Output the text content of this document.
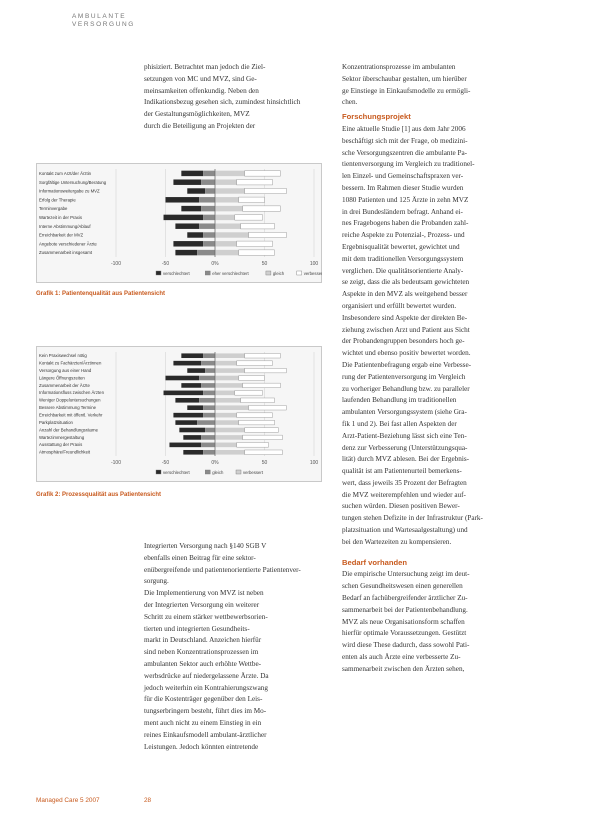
AMBULANTE
VERSORGUNG

phisiziert. Betrachtet man jedoch die Ziel-

setzungen von MC und MVZ, sind Ge-

meinsamkeiten offenkundig. Neben den

Indikationsbezug gesehen sich, zumindest hinsichtlich

der Gestaltungsmöglichkeiten, MVZ

durch die Beteiligung an Projekten der

-100	-50	0%	50	100
Kontakt zum Arzt/der Ärztin
Sorgfältige Untersuchung/Beratung
Informationsweitergabe zu MVZ
Erfolg der Therapie
Terminvergabe
Wartezeit in der Praxis
Interne Abstimmung/Ablauf
Erreichbarkeit der MVZ
Angebote verschiedener Ärzte
Zusammenarbeit insgesamt
verschlechtert	eher verschlechtert	gleich	verbessert
Grafik 1: Patientenqualität aus Patientensicht
-100	-50	0%	50	100
Kein Praxiswechsel nötig
Kontakt zu Fachärzten/Ärztinnen
Versorgung aus einer Hand
Längere Öffnungszeiten
Zusammenarbeit der Ärzte
Informationsfluss zwischen Ärzten
Weniger Doppeluntersuchungen
Bessere Abstimmung Termine
Erreichbarkeit mit öffentl. Verkehr
Parkplatzsituation
Anzahl der Behandlungsräume
Wartezimmergestaltung
Ausstattung der Praxis
Atmosphäre/Freundlichkeit
verschlechtert	gleich	verbessert
Grafik 2: Prozessqualität aus Patientensicht

Integrierten Versorgung nach §140 SGB V

ebenfalls einen Beitrag für eine sektor-

enübergreifende und patientenorientierte Patientenver-

sorgung.

Die Implementierung von MVZ ist neben

der Integrierten Versorgung ein weiterer

Schritt zu einem stärker wettbewerbsorien-

tierten und integrierten Gesundheits-

markt in Deutschland. Anzeichen hierfür

sind neben Konzentrationsprozessen im

ambulanten Sektor auch erhöhte Wettbe-

werbsdrücke auf niedergelassene Ärzte. Da

jedoch weiterhin ein Kontrahierungszwang

für die Kostenträger gegenüber den Leis-

tungserbringern besteht, führt dies im Mo-

ment auch nicht zu einem Einstieg in ein

reines Einkaufsmodell ambulant-ärztlicher

Leistungen. Jedoch könnten eintretende

Konzentrationsprozesse im ambulanten

Sektor überschaubar gestalten, um hierüber

ge Einstiege in Einkaufsmodelle zu ermögli-

chen.

Forschungsprojekt

Eine aktuelle Studie [1] aus dem Jahr 2006

beschäftigt sich mit der Frage, ob medizini-

sche Versorgungszentren die ambulante Pa-

tientenversorgung im Vergleich zu traditionel-

len Einzel- und Gemeinschaftspraxen ver-

bessern. Im Rahmen dieser Studie wurden

1080 Patienten und 125 Ärzte in zehn MVZ

in drei Bundesländern befragt. Anhand ei-

nes Fragebogens haben die Probanden zahl-

reiche Aspekte zu Potenzial-, Prozess- und

Ergebnisqualität bewertet, gewichtet und

mit dem traditionellen Versorgungssystem

verglichen. Die qualitätsorientierte Analy-

se zeigt, dass die als bedeutsam gewichteten

Aspekte in den MVZ als weitgehend besser

organisiert und erfüllt bewertet wurden.

Insbesondere sind Aspekte der direkten Be-

ziehung zwischen Arzt und Patient aus Sicht

der Probandengruppen besonders hoch ge-

wichtet und ebenso positiv bewertet worden.

Die Patientenbefragung ergab eine Verbesse-

rung der Patientenversorgung im Vergleich

zu vorheriger Behandlung bzw. zu paralleler

laufenden Behandlung im traditionellen

ambulanten Versorgungssystem (siehe Gra-

fik 1 und 2). Bei fast allen Aspekten der

Arzt-Patient-Beziehung lässt sich eine Ten-

denz zur Verbesserung (Unterstützungsqua-

lität) durch MVZ ablesen. Bei der Ergebnis-

qualität ist am Patientenurteil bemerkens-

wert, dass jeweils 35 Prozent der Befragten

die MVZ weiterempfehlen und wieder auf-

suchen würden. Diesen positiven Bewer-

tungen stehen Defizite in der Infrastruktur (Park-

platzsituation und Wartesaalgestaltung) und

bei den Wartezeiten zu kompensieren.

Bedarf vorhanden

Die empirische Untersuchung zeigt im deut-

schen Gesundheitswesen einen generellen

Bedarf an fachübergreifender ärztlicher Zu-

sammenarbeit bei der Patientenbehandlung.

MVZ als neue Organisationsform schaffen

hierfür optimale Voraussetzungen. Gestützt

wird diese These dadurch, dass sowohl Pati-

enten als auch Ärzte eine verbesserte Zu-

sammenarbeit zwischen den Ärzten sehen,

Managed Care 5 2007	28
